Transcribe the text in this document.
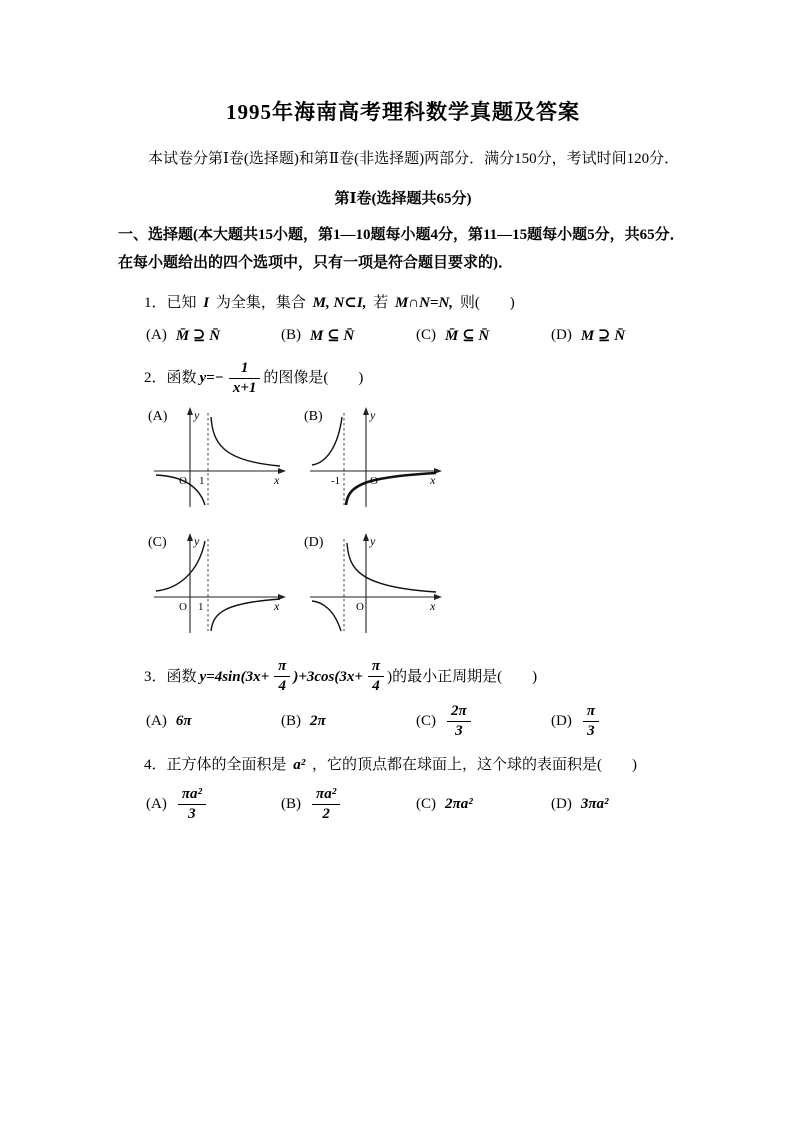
1995年海南高考理科数学真题及答案

本试卷分第Ⅰ卷(选择题)和第Ⅱ卷(非选择题)两部分．满分150分，考试时间120分．

第Ⅰ卷(选择题共65分)

一、选择题(本大题共15小题，第1—10题每小题4分，第11—15题每小题5分，共65分．在每小题给出的四个选项中，只有一项是符合题目要求的)．

1．已知 I 为全集，集合 M, N⊂I, 若 M∩N=N, 则(　　)

(A) M̄ ⊇ N̄	(B) M ⊆ N̄	(C) M̄ ⊆ N̄	(D) M ⊇ N̄
2．函数 $y=- \frac{1}{x+1}$ 的图像是(　　)
(A) y
x
O 1
(B)	y
x
O
-1
(C) y
x
O 1
(D)	y
x
O
3．函数 $y=4\sin(3x+ \frac{\pi}{4} )+3\cos(3x+ \frac{\pi}{4}$ )的最小正周期是(　　)
(A) 6π	(B) 2π	$(C) \frac{2\pi}{3}$	$(D) \frac{\pi}{3}$

4．正方体的全面积是 a² ，它的顶点都在球面上，这个球的表面积是(　　)

$(A) \frac{\text{πa²}}{3}$	$(B) \frac{\text{πa²}}{2}$	(C) 2πa²	(D) 3πa²
